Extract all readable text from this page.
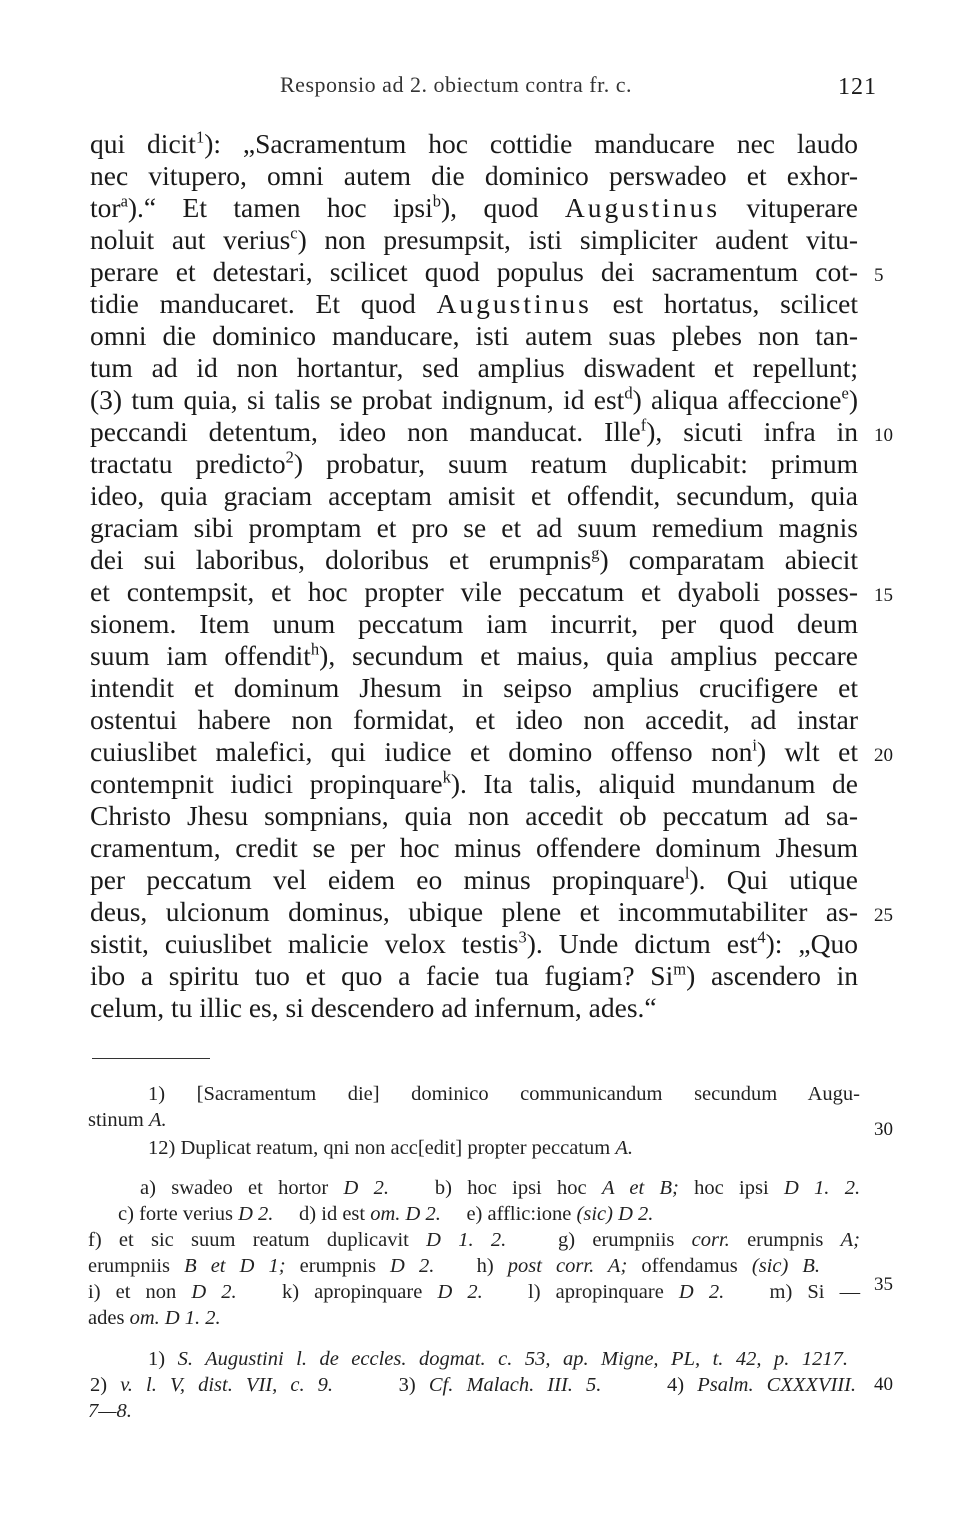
Responsio ad 2. obiectum contra fr. c.	121
qui dicit$^1$): „Sacramentum hoc cottidie manducare nec laudo
nec vitupero, omni autem die dominico perswadeo et exhor-
tor$^a$).“ Et tamen hoc ipsi$^b$), quod Augustinus vituperare
noluit aut verius$^c$) non presumpsit, isti simpliciter audent vitu-
perare et detestari, scilicet quod populus dei sacramentum cot-
tidie manducaret. Et quod Augustinus est hortatus, scilicet
omni die dominico manducare, isti autem suas plebes non tan-
tum ad id non hortantur, sed amplius diswadent et repellunt;
(3) tum quia, si talis se probat indignum, id est$^d$) aliqua affeccione$^e$)
peccandi detentum, ideo non manducat. Ille$^f$), sicuti infra in
tractatu predicto$^2$) probatur, suum reatum duplicabit: primum
ideo, quia graciam acceptam amisit et offendit, secundum, quia
graciam sibi promptam et pro se et ad suum remedium magnis
dei sui laboribus, doloribus et erumpnis$^g$) comparatam abiecit
et contempsit, et hoc propter vile peccatum et dyaboli posses-
sionem. Item unum peccatum iam incurrit, per quod deum
suum iam offendit$^h$), secundum et maius, quia amplius peccare
intendit et dominum Jhesum in seipso amplius crucifigere et
ostentui habere non formidat, et ideo non accedit, ad instar
cuiuslibet malefici, qui iudice et domino offenso non$^i$) wlt et
contempnit iudici propinquare$^k$). Ita talis, aliquid mundanum de
Christo Jhesu sompnians, quia non accedit ob peccatum ad sa-
cramentum, credit se per hoc minus offendere dominum Jhesum
per peccatum vel eidem eo minus propinquare$^l$). Qui utique
deus, ulcionum dominus, ubique plene et incommutabiliter as-
sistit, cuiuslibet malicie velox testis$^3$). Unde dictum est$^4$): „Quo
ibo a spiritu tuo et quo a facie tua fugiam? Si$^m$) ascendero in
celum, tu illic es, si descendero ad infernum, ades.“
5
10
15
20
25
30
35
40
1) [Sacramentum die] dominico communicandum secundum Augu-
stinum A.
12) Duplicat reatum, qni non acc[edit] propter peccatum A.
a) swadeo et hortor D 2. b) hoc ipsi hoc A et B; hoc ipsi D 1. 2.
c) forte verius D 2. d) id est om. D 2. e) afflic:ione (sic) D 2.
f) et sic suum reatum duplicavit D 1. 2.	g) erumpniis corr. erumpnis A;
erumpniis B et D 1; erumpnis D 2. h) post corr. A; offendamus (sic) B.
i) et non D 2. k) apropinquare D 2. l) apropinquare D 2. m) Si —
ades om. D 1. 2.
1) S. Augustini l. de eccles. dogmat. c. 53, ap. Migne, PL, t. 42, p. 1217.
2) v. l. V, dist. VII, c. 9.	3) Cf. Malach. III. 5.	4) Psalm. CXXXVIII.
7—8.
